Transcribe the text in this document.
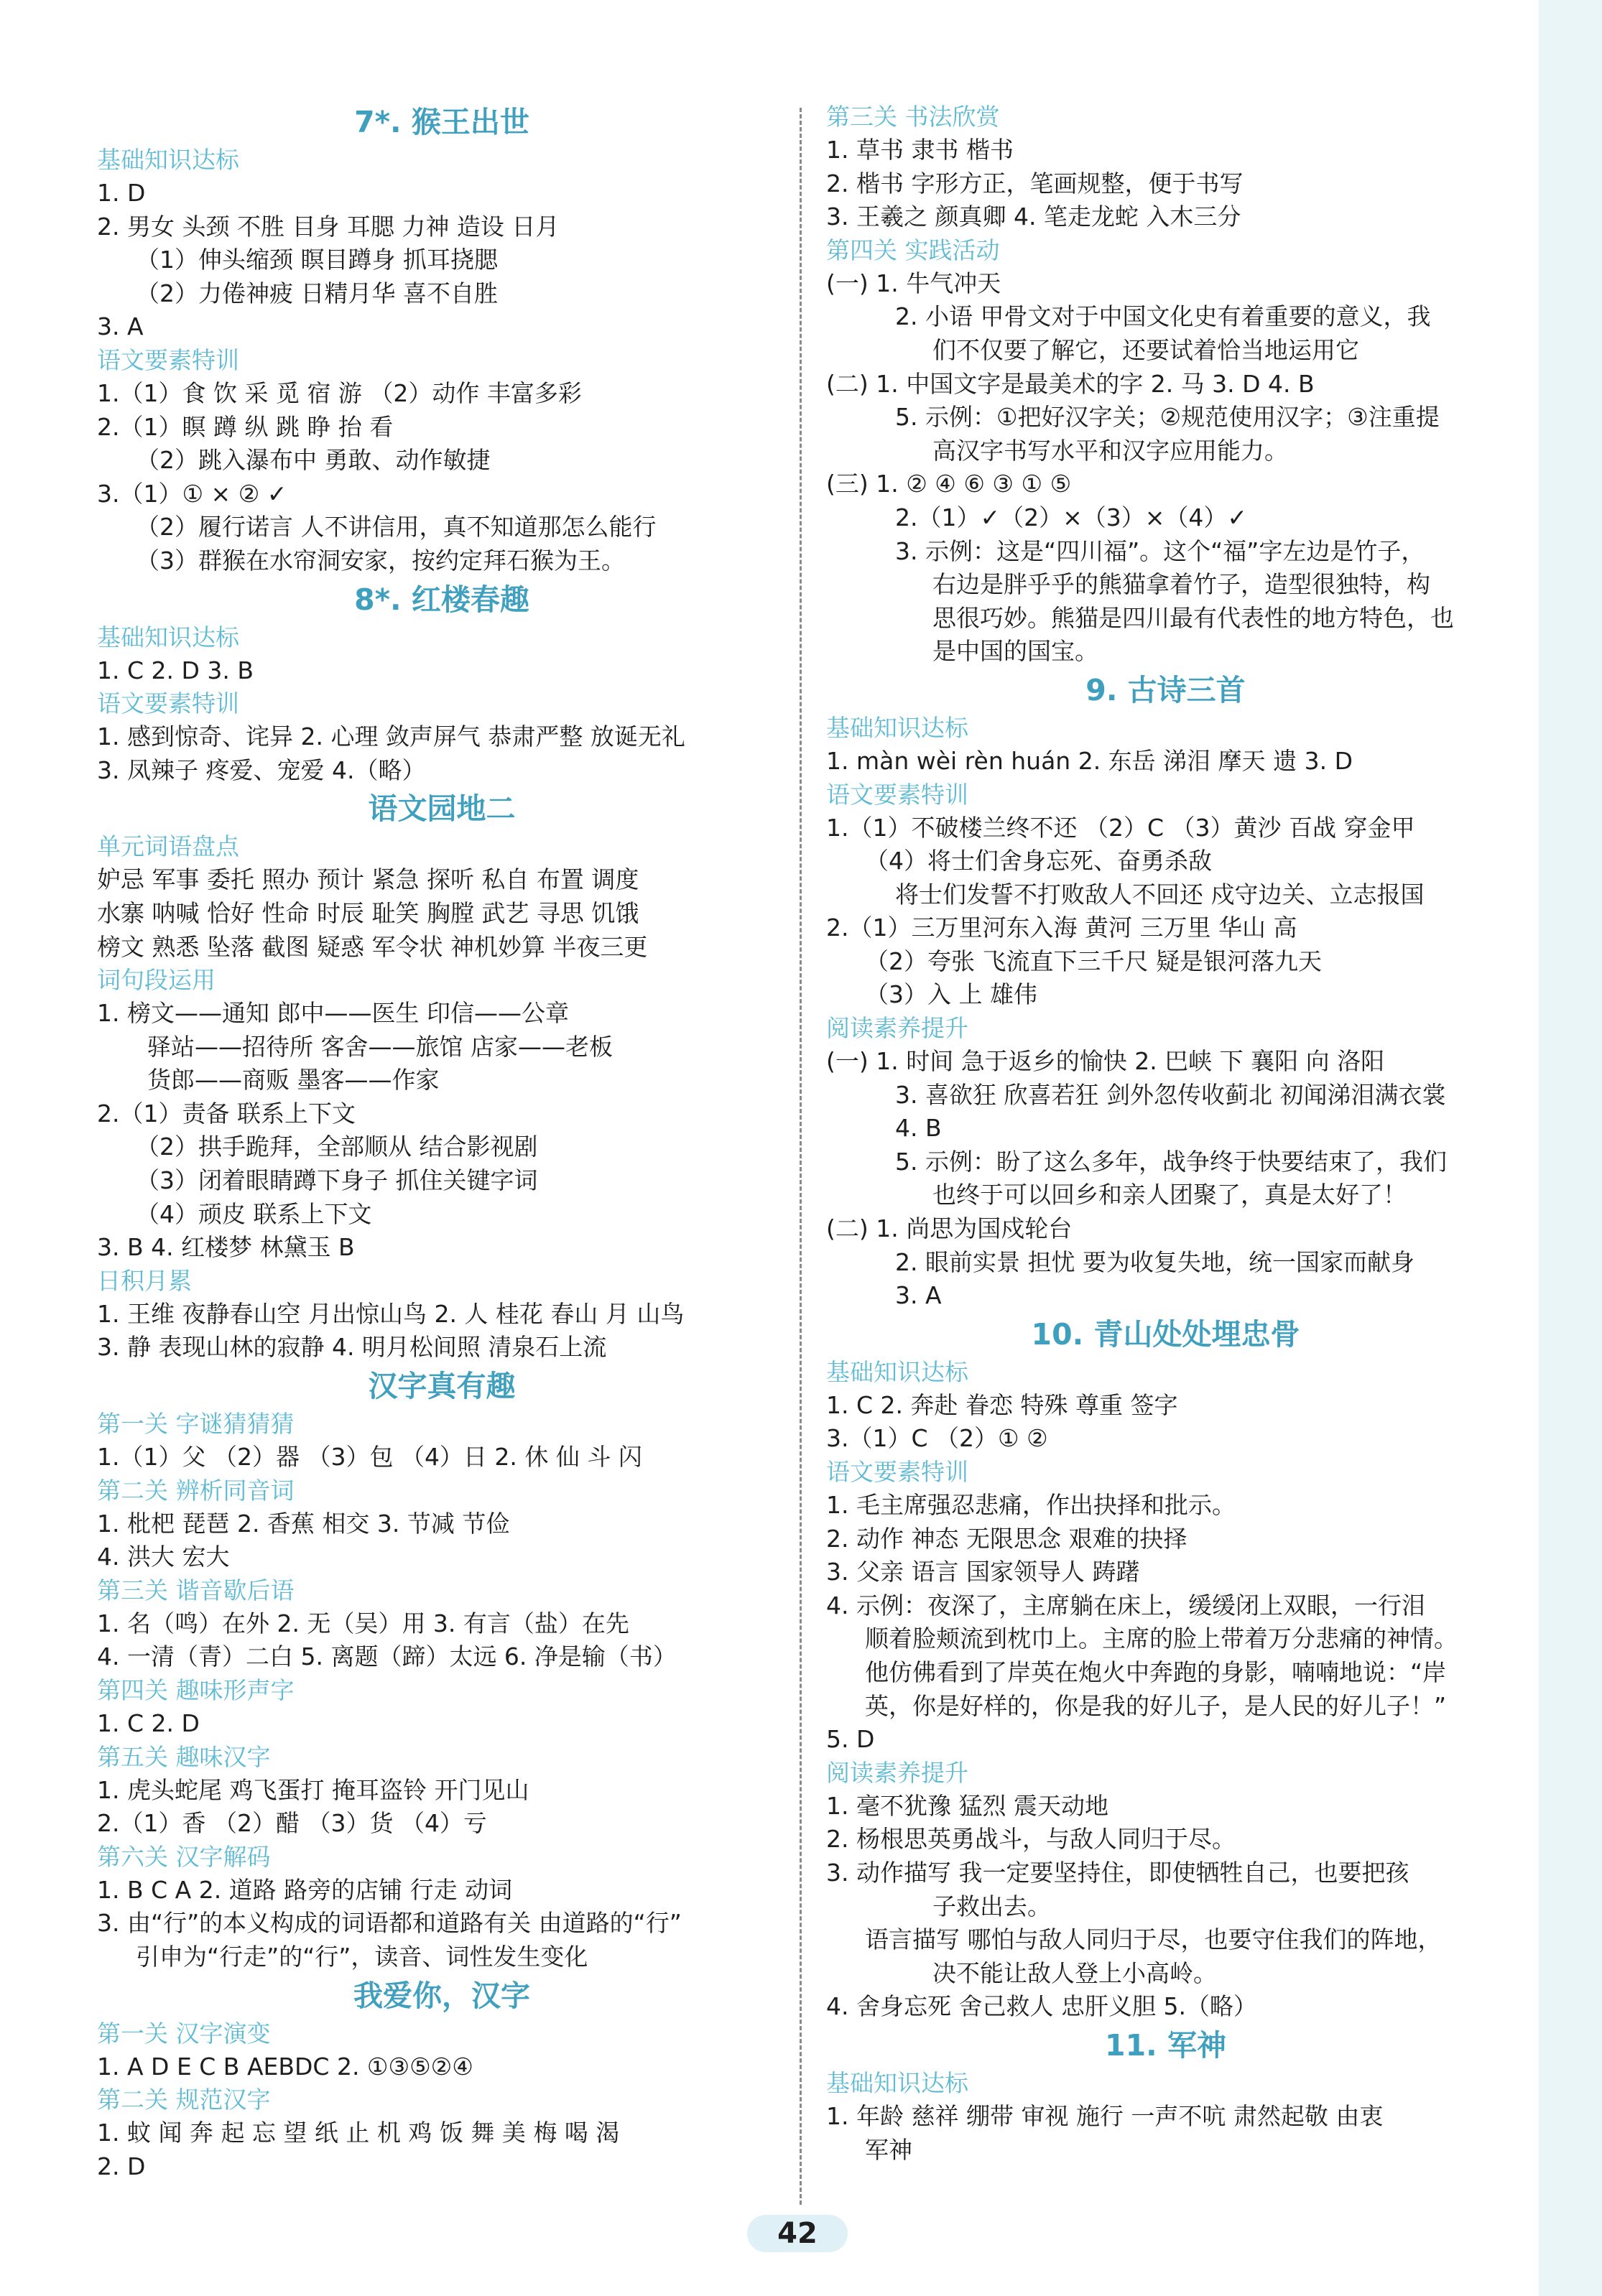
7*. 猴王出世
基础知识达标
1. D
2. 男女 头颈 不胜 目身 耳腮 力神 造设 日月
（1）伸头缩颈 瞑目蹲身 抓耳挠腮
（2）力倦神疲 日精月华 喜不自胜
3. A
语文要素特训
1.（1）食 饮 采 觅 宿 游 （2）动作 丰富多彩
2.（1）瞑 蹲 纵 跳 睁 抬 看
（2）跳入瀑布中 勇敢、动作敏捷
3.（1）① × ② ✓
（2）履行诺言 人不讲信用，真不知道那怎么能行
（3）群猴在水帘洞安家，按约定拜石猴为王。
8*. 红楼春趣
基础知识达标
1. C 2. D 3. B
语文要素特训
1. 感到惊奇、诧异 2. 心理 敛声屏气 恭肃严整 放诞无礼
3. 凤辣子 疼爱、宠爱 4.（略）
语文园地二
单元词语盘点
妒忌 军事 委托 照办 预计 紧急 探听 私自 布置 调度
水寨 呐喊 恰好 性命 时辰 耻笑 胸膛 武艺 寻思 饥饿
榜文 熟悉 坠落 截图 疑惑 军令状 神机妙算 半夜三更
词句段运用
1. 榜文——通知 郎中——医生 印信——公章
驿站——招待所 客舍——旅馆 店家——老板
货郎——商贩 墨客——作家
2.（1）责备 联系上下文
（2）拱手跪拜，全部顺从 结合影视剧
（3）闭着眼睛蹲下身子 抓住关键字词
（4）顽皮 联系上下文
3. B 4. 红楼梦 林黛玉 B
日积月累
1. 王维 夜静春山空 月出惊山鸟 2. 人 桂花 春山 月 山鸟
3. 静 表现山林的寂静 4. 明月松间照 清泉石上流
汉字真有趣
第一关 字谜猜猜猜
1.（1）父 （2）器 （3）包 （4）日 2. 休 仙 斗 闪
第二关 辨析同音词
1. 枇杷 琵琶 2. 香蕉 相交 3. 节减 节俭
4. 洪大 宏大
第三关 谐音歇后语
1. 名（鸣）在外 2. 无（吴）用 3. 有言（盐）在先
4. 一清（青）二白 5. 离题（蹄）太远 6. 净是输（书）
第四关 趣味形声字
1. C 2. D
第五关 趣味汉字
1. 虎头蛇尾 鸡飞蛋打 掩耳盗铃 开门见山
2.（1）香 （2）醋 （3）货 （4）亏
第六关 汉字解码
1. B C A 2. 道路 路旁的店铺 行走 动词
3. 由“行”的本义构成的词语都和道路有关 由道路的“行”
引申为“行走”的“行”，读音、词性发生变化
我爱你，汉字
第一关 汉字演变
1. A D E C B AEBDC 2. ①③⑤②④
第二关 规范汉字
1. 蚊 闻 奔 起 忘 望 纸 止 机 鸡 饭 舞 美 梅 喝 渴
2. D
第三关 书法欣赏
1. 草书 隶书 楷书
2. 楷书 字形方正，笔画规整，便于书写
3. 王羲之 颜真卿 4. 笔走龙蛇 入木三分
第四关 实践活动
(一) 1. 牛气冲天
2. 小语 甲骨文对于中国文化史有着重要的意义，我
们不仅要了解它，还要试着恰当地运用它
(二) 1. 中国文字是最美术的字 2. 马 3. D 4. B
5. 示例：①把好汉字关；②规范使用汉字；③注重提
高汉字书写水平和汉字应用能力。
(三) 1. ② ④ ⑥ ③ ① ⑤
2.（1）✓（2）×（3）×（4）✓
3. 示例：这是“四川福”。这个“福”字左边是竹子，
右边是胖乎乎的熊猫拿着竹子，造型很独特，构
思很巧妙。熊猫是四川最有代表性的地方特色，也
是中国的国宝。
9. 古诗三首
基础知识达标
1. màn wèi rèn huán 2. 东岳 涕泪 摩天 遗 3. D
语文要素特训
1.（1）不破楼兰终不还 （2）C （3）黄沙 百战 穿金甲
（4）将士们舍身忘死、奋勇杀敌
将士们发誓不打败敌人不回还 戍守边关、立志报国
2.（1）三万里河东入海 黄河 三万里 华山 高
（2）夸张 飞流直下三千尺 疑是银河落九天
（3）入 上 雄伟
阅读素养提升
(一) 1. 时间 急于返乡的愉快 2. 巴峡 下 襄阳 向 洛阳
3. 喜欲狂 欣喜若狂 剑外忽传收蓟北 初闻涕泪满衣裳
4. B
5. 示例：盼了这么多年，战争终于快要结束了，我们
也终于可以回乡和亲人团聚了，真是太好了！
(二) 1. 尚思为国戍轮台
2. 眼前实景 担忧 要为收复失地，统一国家而献身
3. A
10. 青山处处埋忠骨
基础知识达标
1. C 2. 奔赴 眷恋 特殊 尊重 签字
3.（1）C （2）① ②
语文要素特训
1. 毛主席强忍悲痛，作出抉择和批示。
2. 动作 神态 无限思念 艰难的抉择
3. 父亲 语言 国家领导人 踌躇
4. 示例：夜深了，主席躺在床上，缓缓闭上双眼，一行泪
顺着脸颊流到枕巾上。主席的脸上带着万分悲痛的神情。
他仿佛看到了岸英在炮火中奔跑的身影，喃喃地说：“岸
英，你是好样的，你是我的好儿子，是人民的好儿子！”
5. D
阅读素养提升
1. 毫不犹豫 猛烈 震天动地
2. 杨根思英勇战斗，与敌人同归于尽。
3. 动作描写 我一定要坚持住，即使牺牲自己，也要把孩
子救出去。
语言描写 哪怕与敌人同归于尽，也要守住我们的阵地，
决不能让敌人登上小高岭。
4. 舍身忘死 舍己救人 忠肝义胆 5.（略）
11. 军神
基础知识达标
1. 年龄 慈祥 绷带 审视 施行 一声不吭 肃然起敬 由衷
军神
42
